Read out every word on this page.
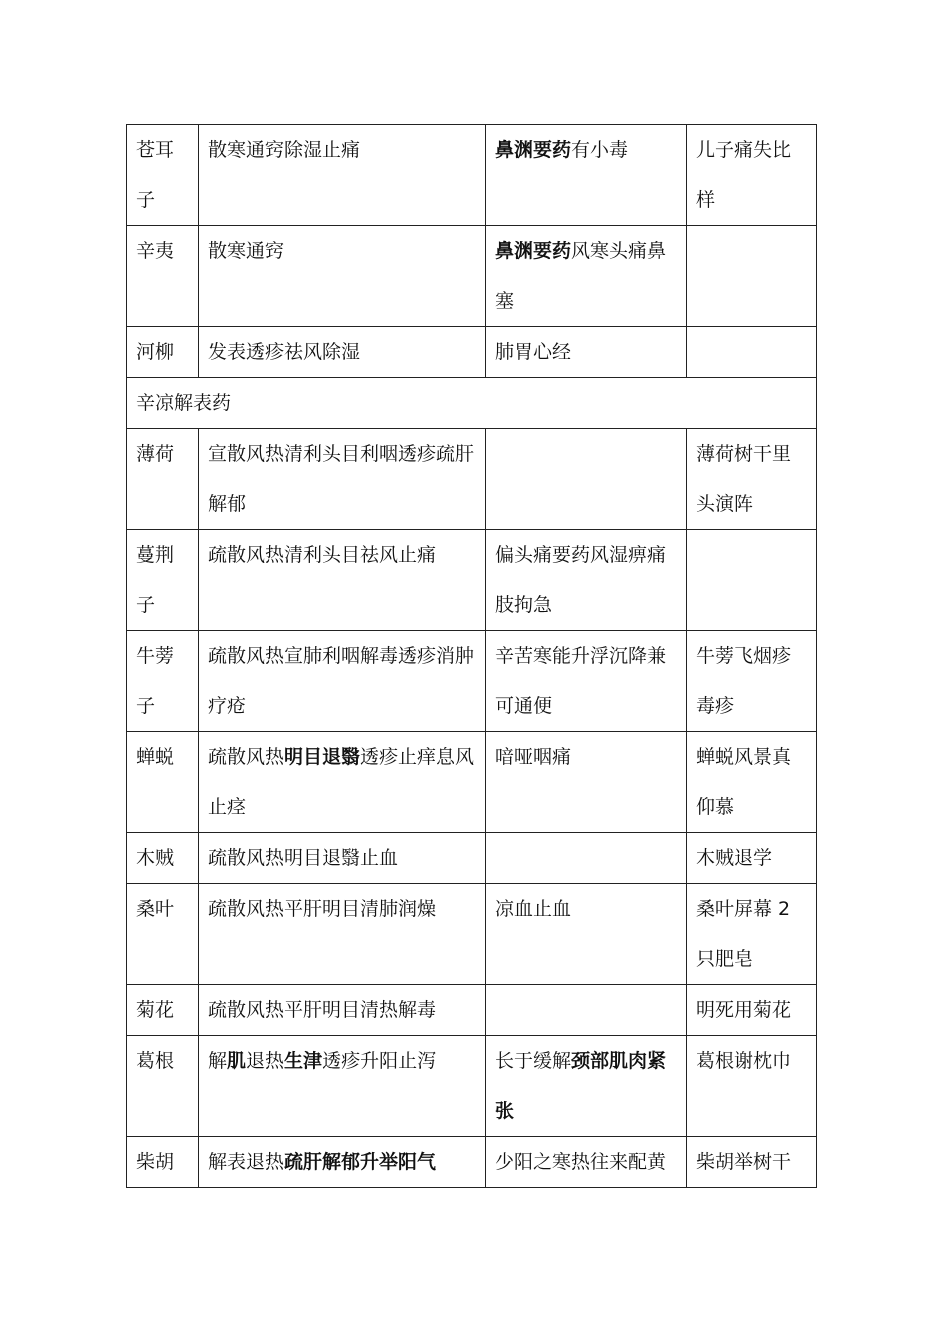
苍耳子	散寒通窍除湿止痛	鼻渊要药有小毒	儿子痛失比样

辛夷	散寒通窍	鼻渊要药风寒头痛鼻塞	

河柳	发表透疹祛风除湿	肺胃心经	

辛凉解表药			

薄荷	宣散风热清利头目利咽透疹疏肝解郁		薄荷树干里头演阵

蔓荆子	疏散风热清利头目祛风止痛	偏头痛要药风湿痹痛肢拘急	

牛蒡子	疏散风热宣肺利咽解毒透疹消肿疗疮	辛苦寒能升浮沉降兼可通便	牛蒡飞烟疹毒疹

蝉蜕	疏散风热明目退翳透疹止痒息风止痉	喑哑咽痛	蝉蜕风景真仰慕

木贼	疏散风热明目退翳止血		木贼退学

桑叶	疏散风热平肝明目清肺润燥	凉血止血	桑叶屏幕 2 只肥皂

菊花	疏散风热平肝明目清热解毒		明死用菊花

葛根	解肌退热生津透疹升阳止泻	长于缓解颈部肌肉紧张	葛根谢枕巾

柴胡	解表退热疏肝解郁升举阳气	少阳之寒热往来配黄	柴胡举树干
